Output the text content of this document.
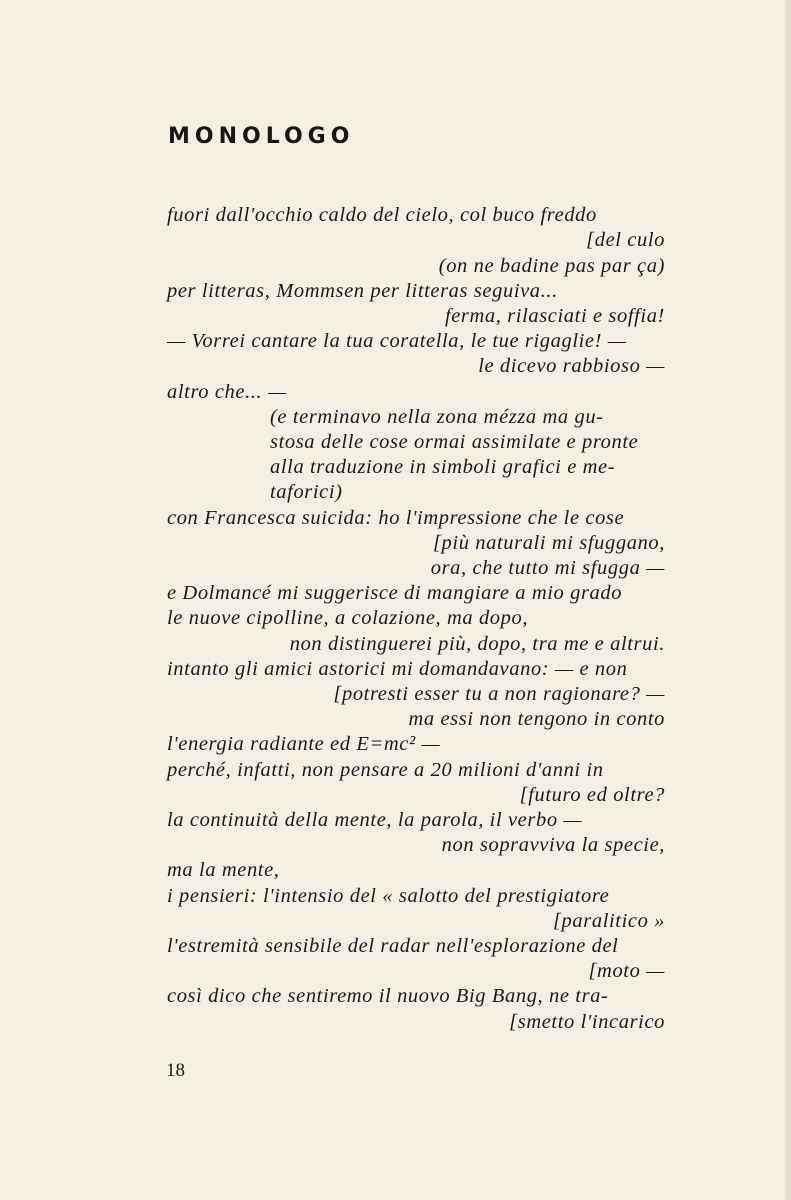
MONOLOGO
fuori dall'occhio caldo del cielo, col buco freddo
[del culo
(on ne badine pas par ça)
per litteras, Mommsen per litteras seguiva...
ferma, rilasciati e soffia!
— Vorrei cantare la tua coratella, le tue rigaglie! —
le dicevo rabbioso —
altro che... —
(e terminavo nella zona mézza ma gu-
stosa delle cose ormai assimilate e pronte
alla traduzione in simboli grafici e me-
taforici)
con Francesca suicida: ho l'impressione che le cose
[più naturali mi sfuggano,
ora, che tutto mi sfugga —
e Dolmancé mi suggerisce di mangiare a mio grado
le nuove cipolline, a colazione, ma dopo,
non distinguerei più, dopo, tra me e altrui.
intanto gli amici astorici mi domandavano: — e non
[potresti esser tu a non ragionare? —
ma essi non tengono in conto
l'energia radiante ed E=mc² —
perché, infatti, non pensare a 20 milioni d'anni in
[futuro ed oltre?
la continuità della mente, la parola, il verbo —
non sopravviva la specie,
ma la mente,
i pensieri: l'intensio del « salotto del prestigiatore
[paralitico »
l'estremità sensibile del radar nell'esplorazione del
[moto —
così dico che sentiremo il nuovo Big Bang, ne tra-
[smetto l'incarico
18
